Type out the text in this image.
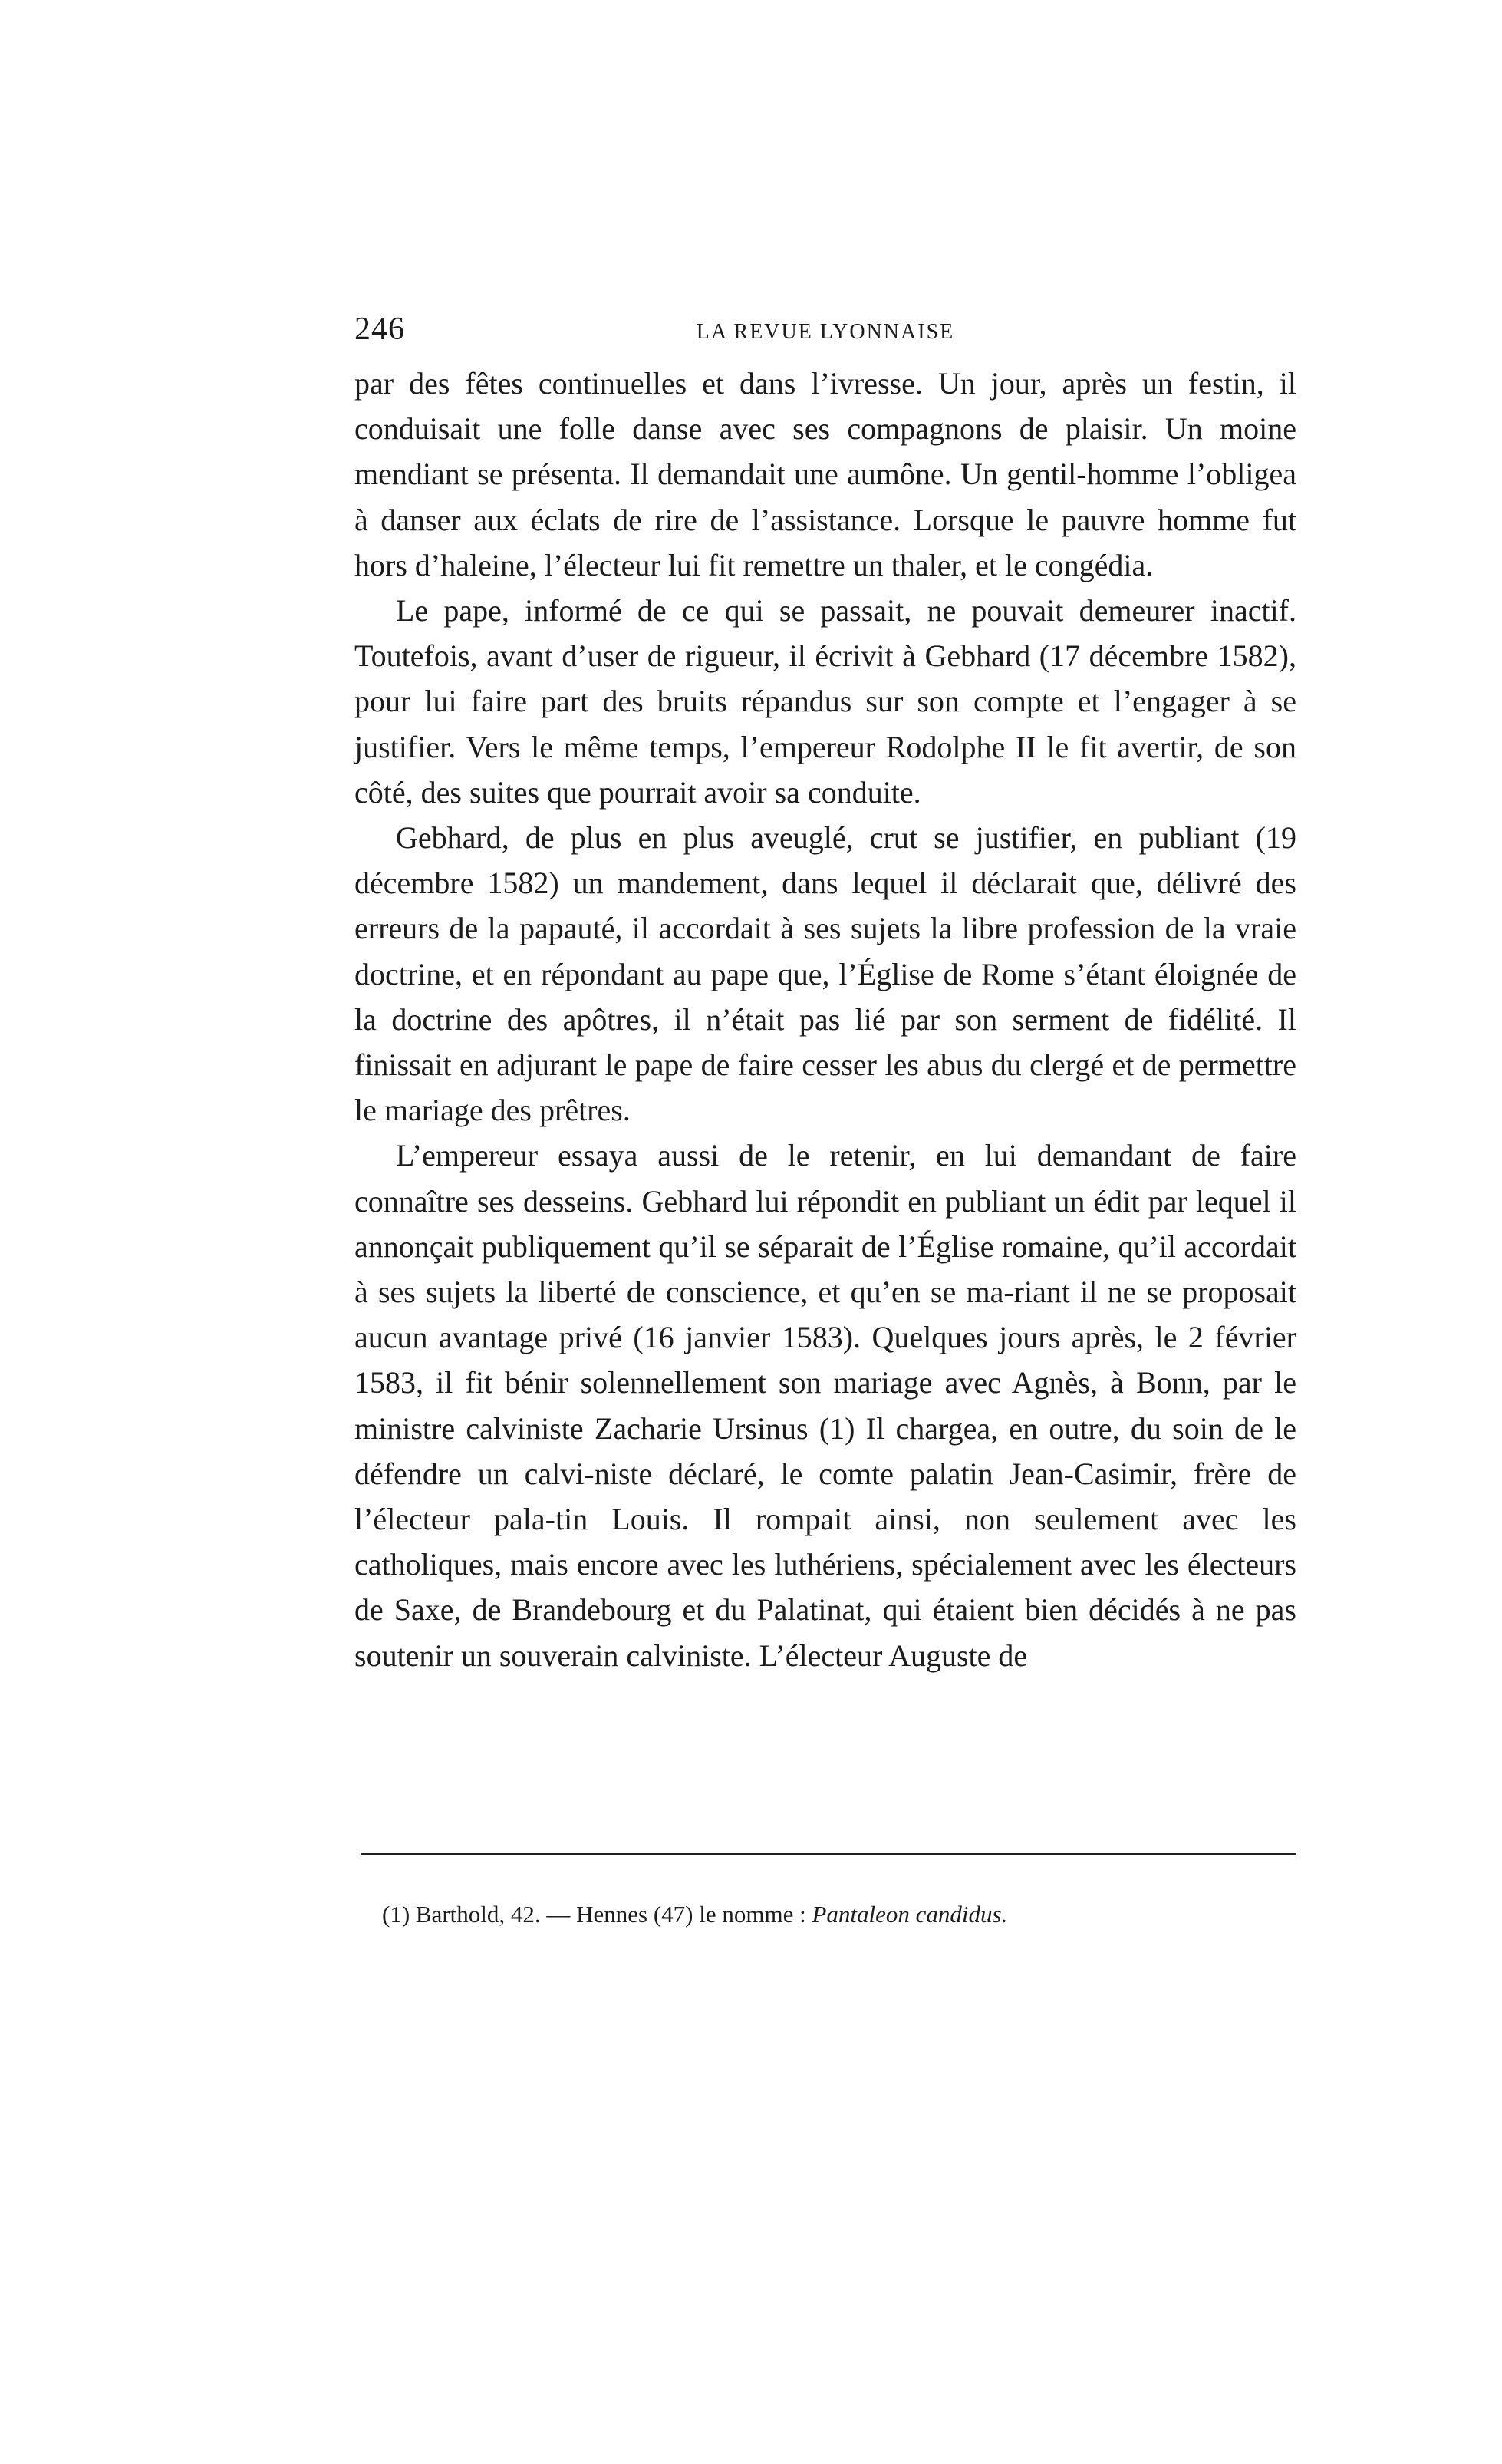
246	LA REVUE LYONNAISE

par des fêtes continuelles et dans l’ivresse. Un jour, après un festin, il conduisait une folle danse avec ses compagnons de plaisir. Un moine mendiant se présenta. Il demandait une aumône. Un gentil-homme l’obligea à danser aux éclats de rire de l’assistance. Lorsque le pauvre homme fut hors d’haleine, l’électeur lui fit remettre un thaler, et le congédia.

Le pape, informé de ce qui se passait, ne pouvait demeurer inactif. Toutefois, avant d’user de rigueur, il écrivit à Gebhard (17 décembre 1582), pour lui faire part des bruits répandus sur son compte et l’engager à se justifier. Vers le même temps, l’empereur Rodolphe II le fit avertir, de son côté, des suites que pourrait avoir sa conduite.

Gebhard, de plus en plus aveuglé, crut se justifier, en publiant (19 décembre 1582) un mandement, dans lequel il déclarait que, délivré des erreurs de la papauté, il accordait à ses sujets la libre profession de la vraie doctrine, et en répondant au pape que, l’Église de Rome s’étant éloignée de la doctrine des apôtres, il n’était pas lié par son serment de fidélité. Il finissait en adjurant le pape de faire cesser les abus du clergé et de permettre le mariage des prêtres.

L’empereur essaya aussi de le retenir, en lui demandant de faire connaître ses desseins. Gebhard lui répondit en publiant un édit par lequel il annonçait publiquement qu’il se séparait de l’Église romaine, qu’il accordait à ses sujets la liberté de conscience, et qu’en se ma-riant il ne se proposait aucun avantage privé (16 janvier 1583). Quelques jours après, le 2 février 1583, il fit bénir solennellement son mariage avec Agnès, à Bonn, par le ministre calviniste Zacharie Ursinus (1) Il chargea, en outre, du soin de le défendre un calvi-niste déclaré, le comte palatin Jean-Casimir, frère de l’électeur pala-tin Louis. Il rompait ainsi, non seulement avec les catholiques, mais encore avec les luthériens, spécialement avec les électeurs de Saxe, de Brandebourg et du Palatinat, qui étaient bien décidés à ne pas soutenir un souverain calviniste. L’électeur Auguste de

(1) Barthold, 42. — Hennes (47) le nomme : Pantaleon candidus.
